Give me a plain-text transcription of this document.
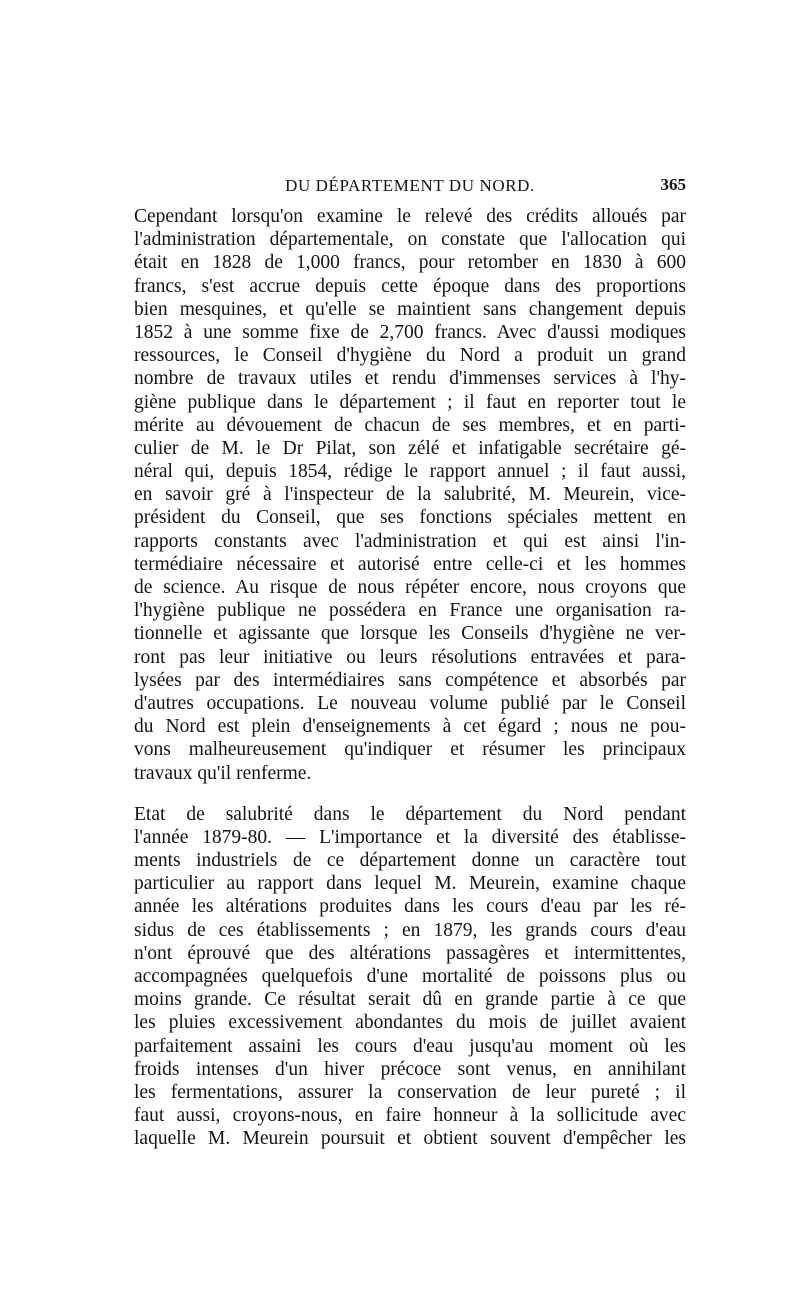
DU DÉPARTEMENT DU NORD.	365
Cependant lorsqu'on examine le relevé des crédits alloués par
l'administration départementale, on constate que l'allocation qui
était en 1828 de 1,000 francs, pour retomber en 1830 à 600
francs, s'est accrue depuis cette époque dans des proportions
bien mesquines, et qu'elle se maintient sans changement depuis
1852 à une somme fixe de 2,700 francs. Avec d'aussi modiques
ressources, le Conseil d'hygiène du Nord a produit un grand
nombre de travaux utiles et rendu d'immenses services à l'hy-
giène publique dans le département ; il faut en reporter tout le
mérite au dévouement de chacun de ses membres, et en parti-
culier de M. le Dr Pilat, son zélé et infatigable secrétaire gé-
néral qui, depuis 1854, rédige le rapport annuel ; il faut aussi,
en savoir gré à l'inspecteur de la salubrité, M. Meurein, vice-
président du Conseil, que ses fonctions spéciales mettent en
rapports constants avec l'administration et qui est ainsi l'in-
termédiaire nécessaire et autorisé entre celle-ci et les hommes
de science. Au risque de nous répéter encore, nous croyons que
l'hygiène publique ne possédera en France une organisation ra-
tionnelle et agissante que lorsque les Conseils d'hygiène ne ver-
ront pas leur initiative ou leurs résolutions entravées et para-
lysées par des intermédiaires sans compétence et absorbés par
d'autres occupations. Le nouveau volume publié par le Conseil
du Nord est plein d'enseignements à cet égard ; nous ne pou-
vons malheureusement qu'indiquer et résumer les principaux
travaux qu'il renferme.
Etat de salubrité dans le département du Nord pendant
l'année 1879-80. — L'importance et la diversité des établisse-
ments industriels de ce département donne un caractère tout
particulier au rapport dans lequel M. Meurein, examine chaque
année les altérations produites dans les cours d'eau par les ré-
sidus de ces établissements ; en 1879, les grands cours d'eau
n'ont éprouvé que des altérations passagères et intermittentes,
accompagnées quelquefois d'une mortalité de poissons plus ou
moins grande. Ce résultat serait dû en grande partie à ce que
les pluies excessivement abondantes du mois de juillet avaient
parfaitement assaini les cours d'eau jusqu'au moment où les
froids intenses d'un hiver précoce sont venus, en annihilant
les fermentations, assurer la conservation de leur pureté ; il
faut aussi, croyons-nous, en faire honneur à la sollicitude avec
laquelle M. Meurein poursuit et obtient souvent d'empêcher les
